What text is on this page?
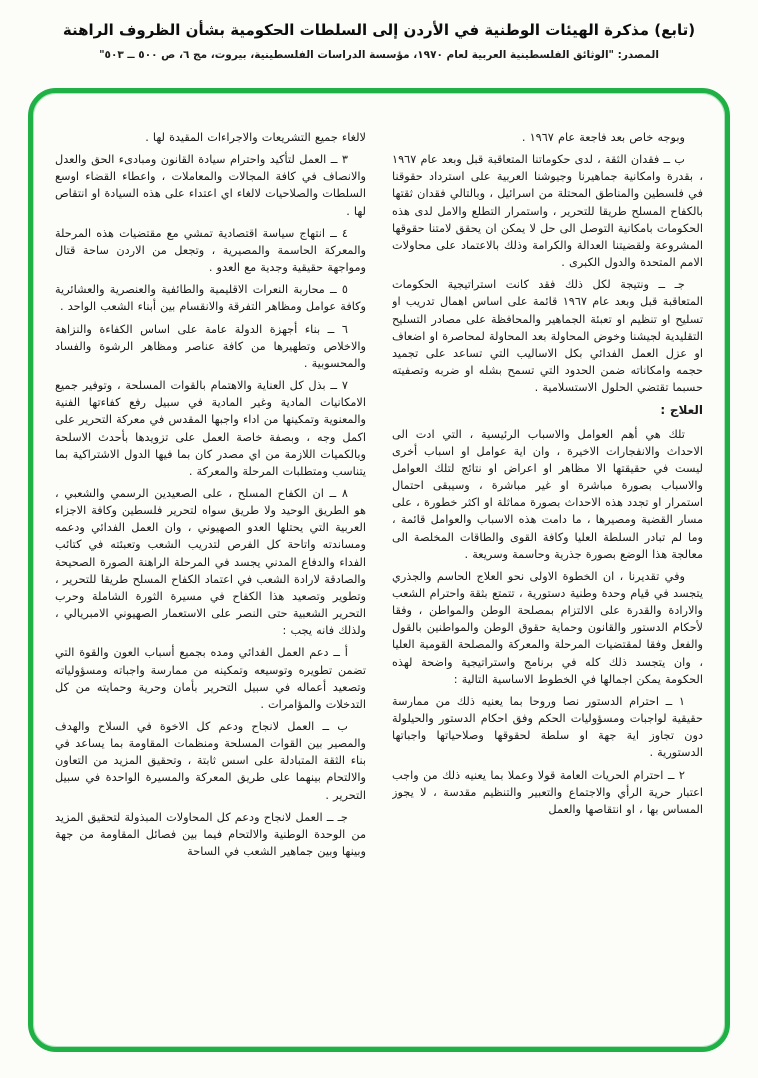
(تابع) مذكرة الهيئات الوطنية في الأردن إلى السلطات الحكومية بشأن الظروف الراهنة
المصدر: "الوثائق الفلسطينية العربية لعام ١٩٧٠، مؤسسة الدراسات الفلسطينية، بيروت، مج ٦، ص ٥٠٠ ــ ٥٠٣"

وبوجه خاص بعد فاجعة عام ١٩٦٧ .

ب ــ فقدان الثقة ، لدى حكوماتنا المتعاقبة قبل وبعد عام ١٩٦٧ ، بقدرة وامكانية جماهيرنا وجيوشنا العربية على استرداد حقوقنا في فلسطين والمناطق المحتلة من اسرائيل ، وبالتالي فقدان ثقتها بالكفاح المسلح طريقا للتحرير ، واستمرار التطلع والامل لدى هذه الحكومات بامكانية التوصل الى حل لا يمكن ان يحقق لامتنا حقوقها المشروعة ولقضيتنا العدالة والكرامة وذلك بالاعتماد على محاولات الامم المتحدة والدول الكبرى .

جـ ــ ونتيجة لكل ذلك فقد كانت استراتيجية الحكومات المتعاقبة قبل وبعد عام ١٩٦٧ قائمة على اساس اهمال تدريب او تسليح او تنظيم او تعبئة الجماهير والمحافظة على مصادر التسليح التقليدية لجيشنا وخوض المحاولة بعد المحاولة لمحاصرة او اضعاف او عزل العمل الفدائي بكل الاساليب التي تساعد على تجميد حجمه وامكاناته ضمن الحدود التي تسمح بشله او ضربه وتصفيته حسبما تقتضي الحلول الاستسلامية .

العلاج :

تلك هي أهم العوامل والاسباب الرئيسية ، التي ادت الى الاحداث والانفجارات الاخيرة ، وان اية عوامل او اسباب أخرى ليست في حقيقتها الا مظاهر او اعراض او نتائج لتلك العوامل والاسباب بصورة مباشرة او غير مباشرة ، وسيبقى احتمال استمرار او تجدد هذه الاحداث بصورة مماثلة او اكثر خطورة ، على مسار القضية ومصيرها ، ما دامت هذه الاسباب والعوامل قائمة ، وما لم تبادر السلطة العليا وكافة القوى والطاقات المخلصة الى معالجة هذا الوضع بصورة جذرية وحاسمة وسريعة .

وفي تقديرنا ، ان الخطوة الاولى نحو العلاج الحاسم والجذري يتجسد في قيام وحدة وطنية دستورية ، تتمتع بثقة واحترام الشعب والارادة والقدرة على الالتزام بمصلحة الوطن والمواطن ، وفقا لأحكام الدستور والقانون وحماية حقوق الوطن والمواطنين بالقول والفعل وفقا لمقتضيات المرحلة والمعركة والمصلحة القومية العليا ، وان يتجسد ذلك كله في برنامج واستراتيجية واضحة لهذه الحكومة يمكن اجمالها في الخطوط الاساسية التالية :

١ ــ احترام الدستور نصا وروحا بما يعنيه ذلك من ممارسة حقيقية لواجبات ومسؤوليات الحكم وفق احكام الدستور والحيلولة دون تجاوز اية جهة او سلطة لحقوقها وصلاحياتها واجباتها الدستورية .

٢ ــ احترام الحريات العامة قولا وعملا بما يعنيه ذلك من واجب اعتبار حرية الرأي والاجتماع والتعبير والتنظيم مقدسة ، لا يجوز المساس بها ، او انتقاصها والعمل

لالغاء جميع التشريعات والاجراءات المقيدة لها .

٣ ــ العمل لتأكيد واحترام سيادة القانون ومبادىء الحق والعدل والانصاف في كافة المجالات والمعاملات ، واعطاء القضاء اوسع السلطات والصلاحيات لالغاء اي اعتداء على هذه السيادة او انتقاص لها .

٤ ــ انتهاج سياسة اقتصادية تمشي مع مقتضيات هذه المرحلة والمعركة الحاسمة والمصيرية ، وتجعل من الاردن ساحة قتال ومواجهة حقيقية وجدية مع العدو .

٥ ــ محاربة النعرات الاقليمية والطائفية والعنصرية والعشائرية وكافة عوامل ومظاهر التفرقة والانقسام بين أبناء الشعب الواحد .

٦ ــ بناء أجهزة الدولة عامة على اساس الكفاءة والنزاهة والاخلاص وتطهيرها من كافة عناصر ومظاهر الرشوة والفساد والمحسوبية .

٧ ــ بذل كل العناية والاهتمام بالقوات المسلحة ، وتوفير جميع الامكانيات المادية وغير المادية في سبيل رفع كفاءتها الفنية والمعنوية وتمكينها من اداء واجبها المقدس في معركة التحرير على اكمل وجه ، وبصفة خاصة العمل على تزويدها بأحدث الاسلحة وبالكميات اللازمة من اي مصدر كان بما فيها الدول الاشتراكية بما يتناسب ومتطلبات المرحلة والمعركة .

٨ ــ ان الكفاح المسلح ، على الصعيدين الرسمي والشعبي ، هو الطريق الوحيد ولا طريق سواه لتحرير فلسطين وكافة الاجزاء العربية التي يحتلها العدو الصهيوني ، وان العمل الفدائي ودعمه ومساندته واتاحة كل الفرص لتدريب الشعب وتعبئته في كتائب الفداء والدفاع المدني يجسد في المرحلة الراهنة الصورة الصحيحة والصادقة لارادة الشعب في اعتماد الكفاح المسلح طريقا للتحرير ، وتطوير وتصعيد هذا الكفاح في مسيرة الثورة الشاملة وحرب التحرير الشعبية حتى النصر على الاستعمار الصهيوني الامبريالي ، ولذلك فانه يجب :

أ ــ دعم العمل الفدائي ومده بجميع أسباب العون والقوة التي تضمن تطويره وتوسيعه وتمكينه من ممارسة واجباته ومسؤولياته وتصعيد أعماله في سبيل التحرير بأمان وحرية وحمايته من كل التدخلات والمؤامرات .

ب ــ العمل لانجاح ودعم كل الاخوة في السلاح والهدف والمصير بين القوات المسلحة ومنظمات المقاومة بما يساعد في بناء الثقة المتبادلة على اسس ثابتة ، وتحقيق المزيد من التعاون والالتحام بينهما على طريق المعركة والمسيرة الواحدة في سبيل التحرير .

جـ ــ العمل لانجاح ودعم كل المحاولات المبذولة لتحقيق المزيد من الوحدة الوطنية والالتحام فيما بين فصائل المقاومة من جهة وبينها وبين جماهير الشعب في الساحة
